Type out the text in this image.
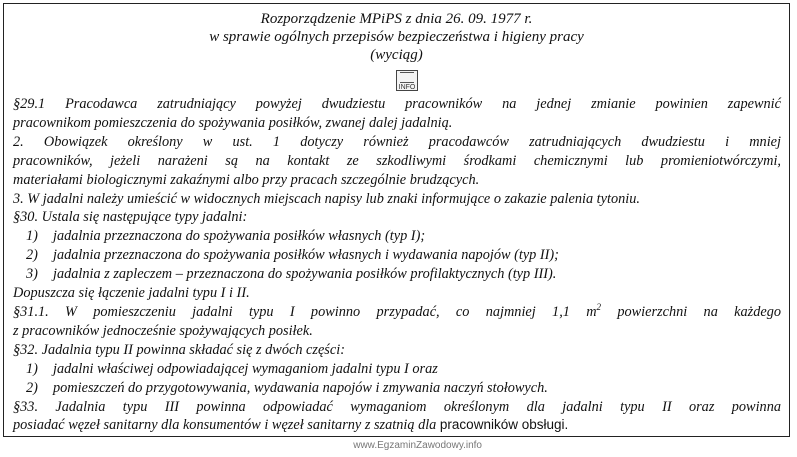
Rozporządzenie MPiPS z dnia 26. 09. 1977 r.
w sprawie ogólnych przepisów bezpieczeństwa i higieny pracy
(wyciąg)
INFO
§29.1 Pracodawca zatrudniający powyżej dwudziestu pracowników na jednej zmianie powinien zapewnić
pracownikom pomieszczenia do spożywania posiłków, zwanej dalej jadalnią.
2. Obowiązek określony w ust. 1 dotyczy również pracodawców zatrudniających dwudziestu i mniej
pracowników, jeżeli narażeni są na kontakt ze szkodliwymi środkami chemicznymi lub promieniotwórczymi,
materiałami biologicznymi zakaźnymi albo przy pracach szczególnie brudzących.
3. W jadalni należy umieścić w widocznych miejscach napisy lub znaki informujące o zakazie palenia tytoniu.
§30. Ustala się następujące typy jadalni:
1) jadalnia przeznaczona do spożywania posiłków własnych (typ I);
2) jadalnia przeznaczona do spożywania posiłków własnych i wydawania napojów (typ II);
3) jadalnia z zapleczem – przeznaczona do spożywania posiłków profilaktycznych (typ III).
Dopuszcza się łączenie jadalni typu I i II.
§31.1. W pomieszczeniu jadalni typu I powinno przypadać, co najmniej 1,1 $m^2$ powierzchni na każdego
z pracowników jednocześnie spożywających posiłek.
§32. Jadalnia typu II powinna składać się z dwóch części:
1) jadalni właściwej odpowiadającej wymaganiom jadalni typu I oraz
2) pomieszczeń do przygotowywania, wydawania napojów i zmywania naczyń stołowych.
§33. Jadalnia typu III powinna odpowiadać wymaganiom określonym dla jadalni typu II oraz powinna
posiadać węzeł sanitarny dla konsumentów i węzeł sanitarny z szatnią dla pracowników obsługi.
www.EgzaminZawodowy.info
